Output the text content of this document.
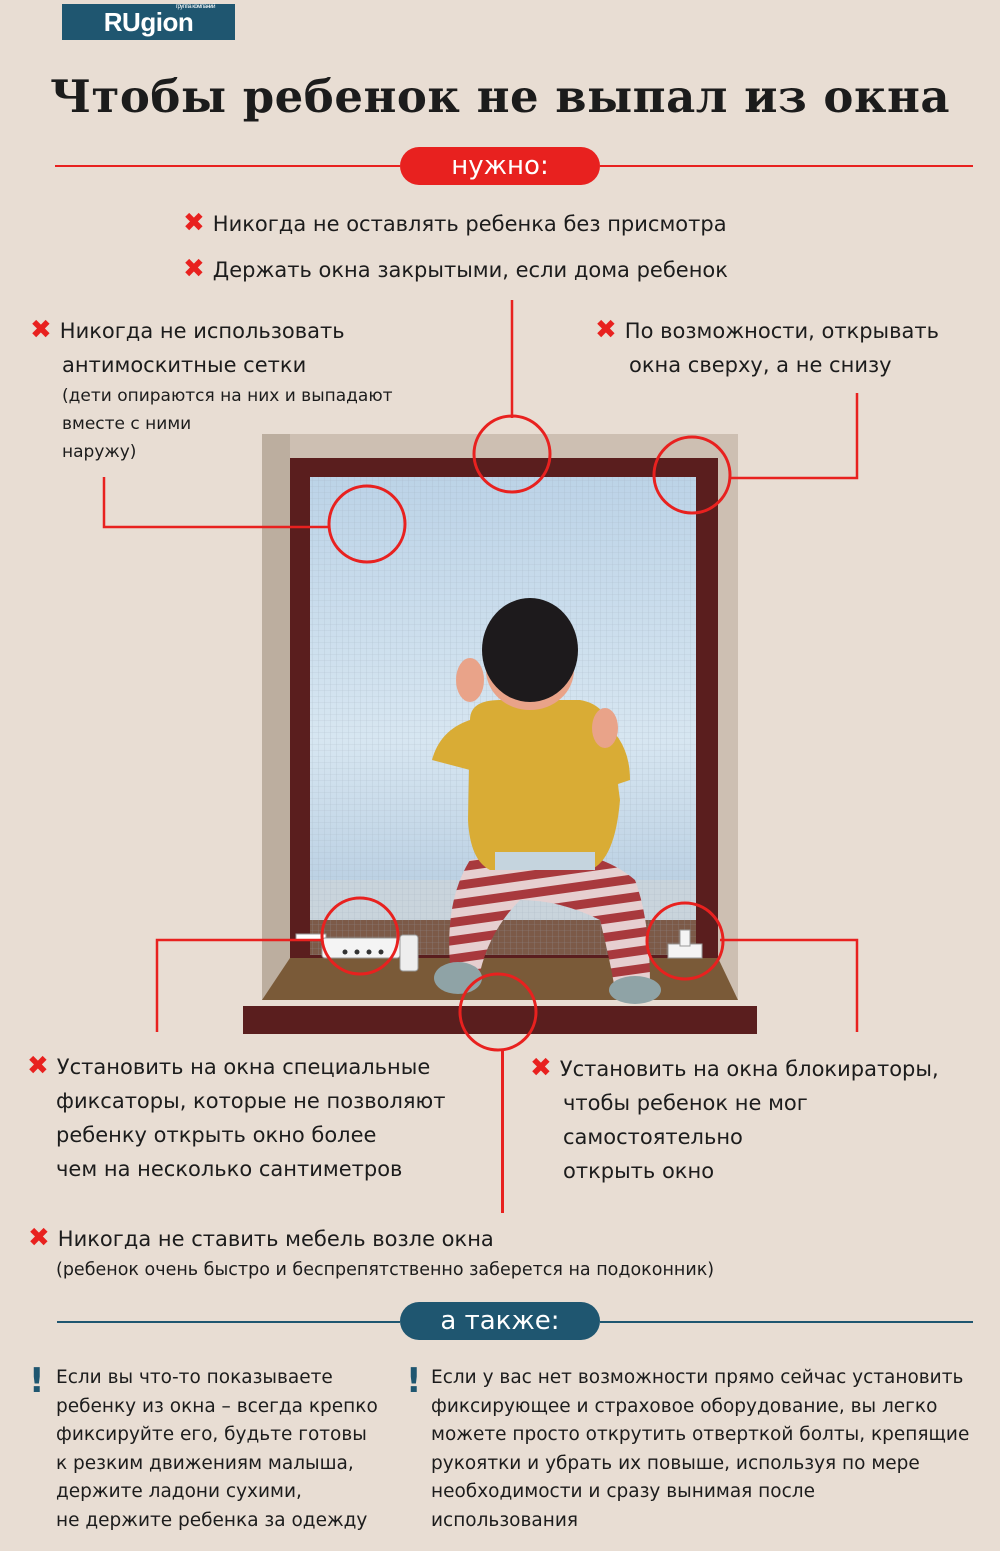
RUgion
группа компаний
Чтобы ребенок не выпал из окна
нужно:
✖ Никогда не оставлять ребенка без присмотра
✖ Держать окна закрытыми, если дома ребенок
✖ Никогда не использовать
антимоскитные сетки
(дети опираются на них и выпадают
вместе с ними
наружу)
✖ По возможности, открывать
окна сверху, а не снизу
✖ Установить на окна специальные
фиксаторы, которые не позволяют
ребенку открыть окно более
чем на несколько сантиметров
✖ Установить на окна блокираторы,
чтобы ребенок не мог
самостоятельно
открыть окно
✖ Никогда не ставить мебель возле окна
(ребенок очень быстро и беспрепятственно заберется на подоконник)
а также:
! Если вы что-то показываете
ребенку из окна – всегда крепко
фиксируйте его, будьте готовы
к резким движениям малыша,
держите ладони сухими,
не держите ребенка за одежду
! Если у вас нет возможности прямо сейчас установить
фиксирующее и страховое оборудование, вы легко
можете просто открутить отверткой болты, крепящие
рукоятки и убрать их повыше, используя по мере
необходимости и сразу вынимая после
использования
